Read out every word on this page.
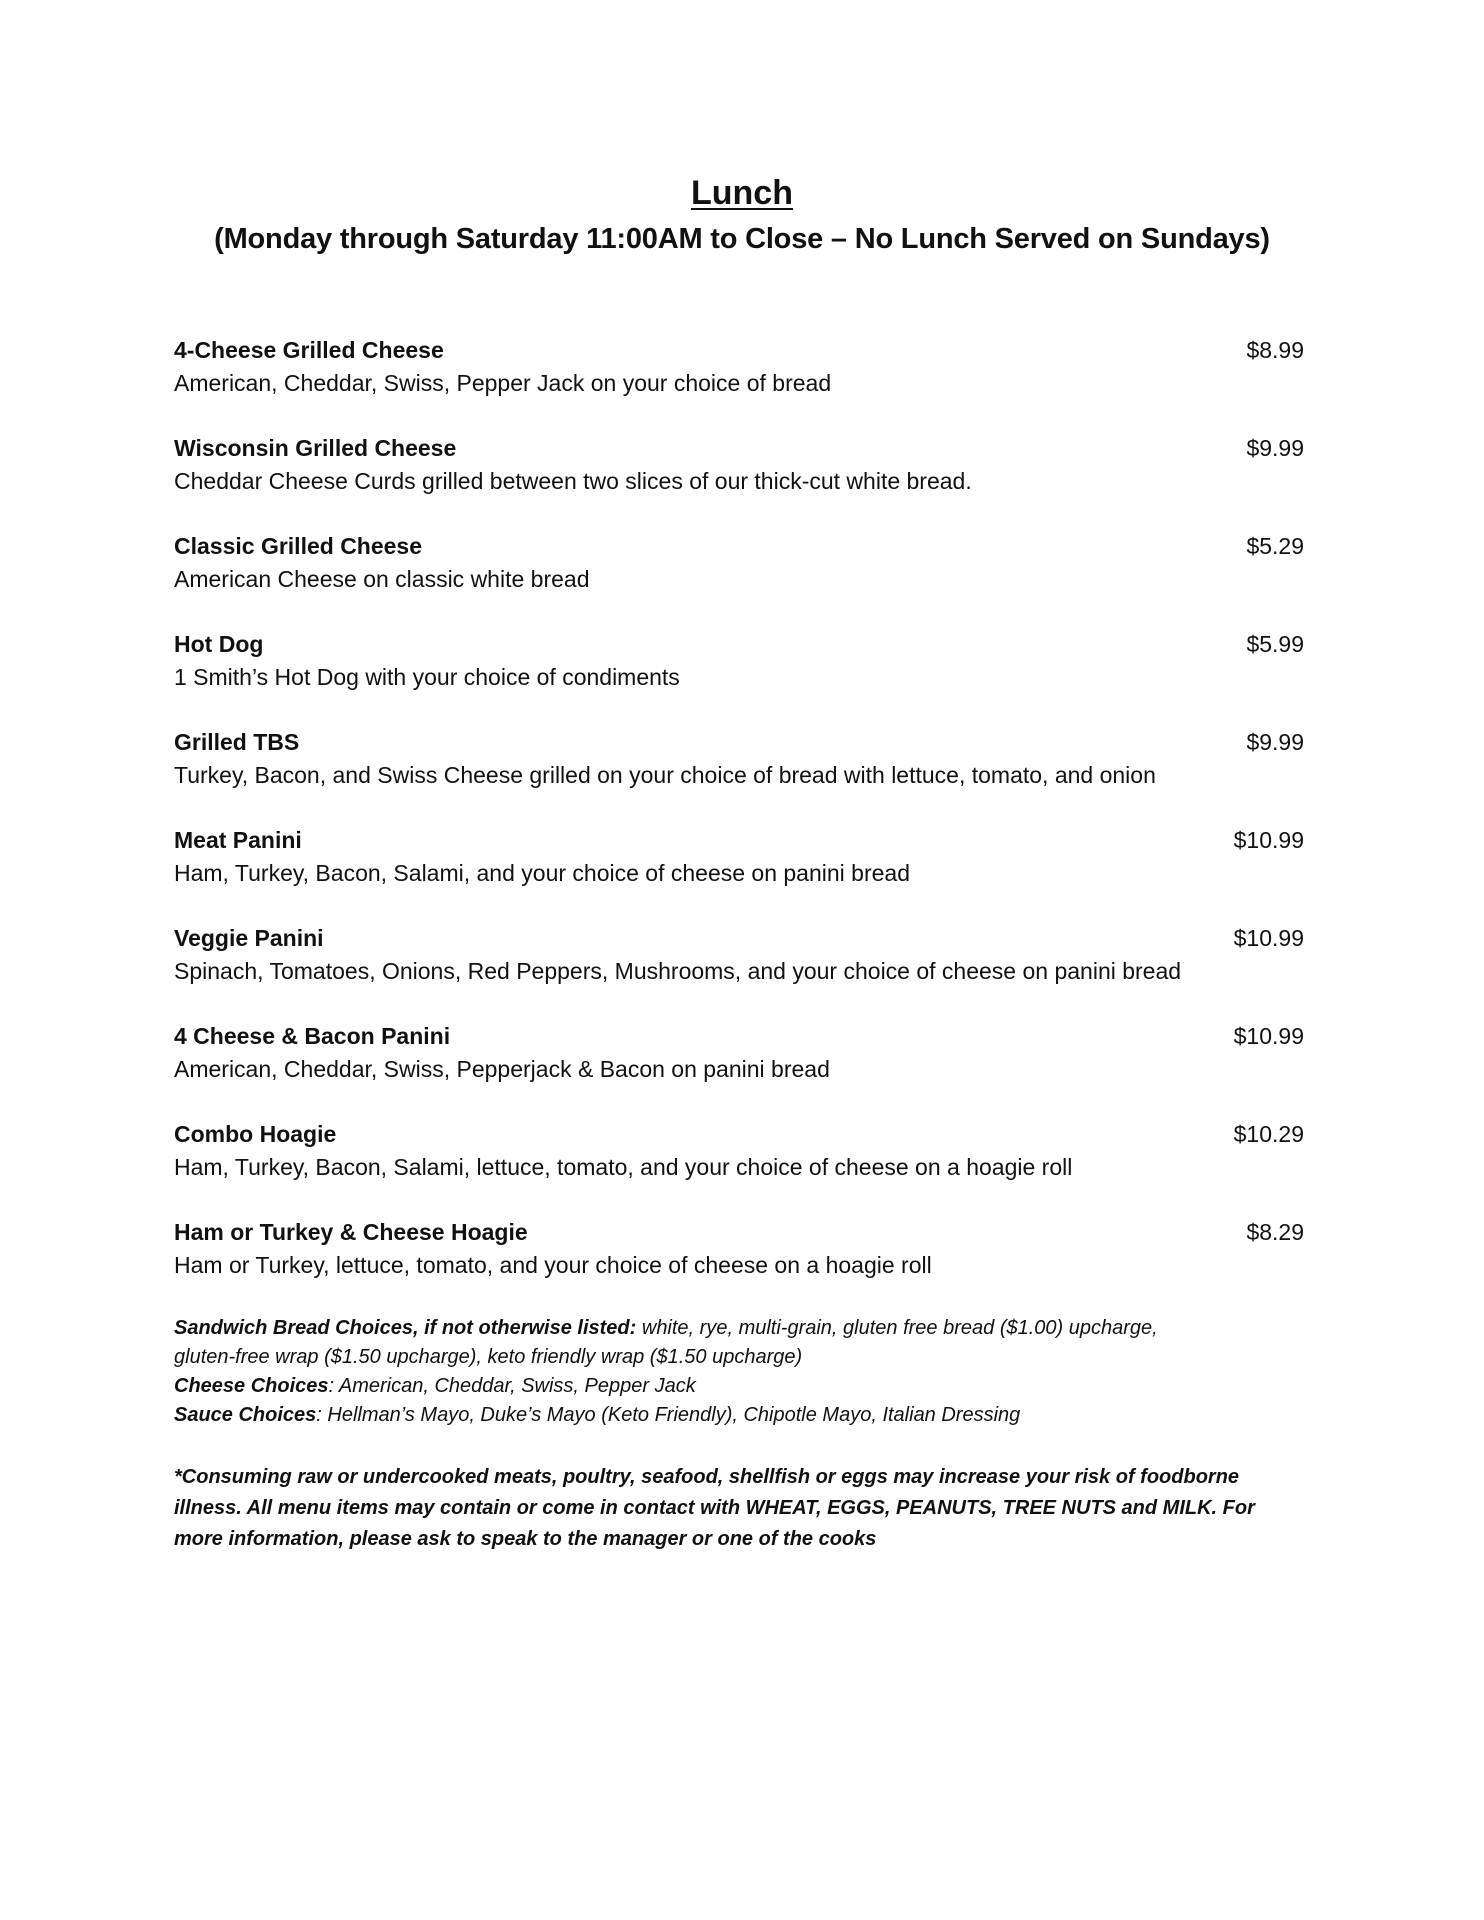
Lunch
(Monday through Saturday 11:00AM to Close – No Lunch Served on Sundays)
4-Cheese Grilled Cheese	$8.99
American, Cheddar, Swiss, Pepper Jack on your choice of bread
Wisconsin Grilled Cheese	$9.99
Cheddar Cheese Curds grilled between two slices of our thick-cut white bread.
Classic Grilled Cheese	$5.29
American Cheese on classic white bread
Hot Dog	$5.99
1 Smith’s Hot Dog with your choice of condiments
Grilled TBS	$9.99
Turkey, Bacon, and Swiss Cheese grilled on your choice of bread with lettuce, tomato, and onion
Meat Panini	$10.99
Ham, Turkey, Bacon, Salami, and your choice of cheese on panini bread
Veggie Panini	$10.99
Spinach, Tomatoes, Onions, Red Peppers, Mushrooms, and your choice of cheese on panini bread
4 Cheese & Bacon Panini	$10.99
American, Cheddar, Swiss, Pepperjack & Bacon on panini bread
Combo Hoagie	$10.29
Ham, Turkey, Bacon, Salami, lettuce, tomato, and your choice of cheese on a hoagie roll
Ham or Turkey & Cheese Hoagie	$8.29
Ham or Turkey, lettuce, tomato, and your choice of cheese on a hoagie roll
Sandwich Bread Choices, if not otherwise listed: white, rye, multi-grain, gluten free bread ($1.00) upcharge,
gluten-free wrap ($1.50 upcharge), keto friendly wrap ($1.50 upcharge)
Cheese Choices: American, Cheddar, Swiss, Pepper Jack
Sauce Choices: Hellman’s Mayo, Duke’s Mayo (Keto Friendly), Chipotle Mayo, Italian Dressing
*Consuming raw or undercooked meats, poultry, seafood, shellfish or eggs may increase your risk of foodborne
illness. All menu items may contain or come in contact with WHEAT, EGGS, PEANUTS, TREE NUTS and MILK. For
more information, please ask to speak to the manager or one of the cooks
